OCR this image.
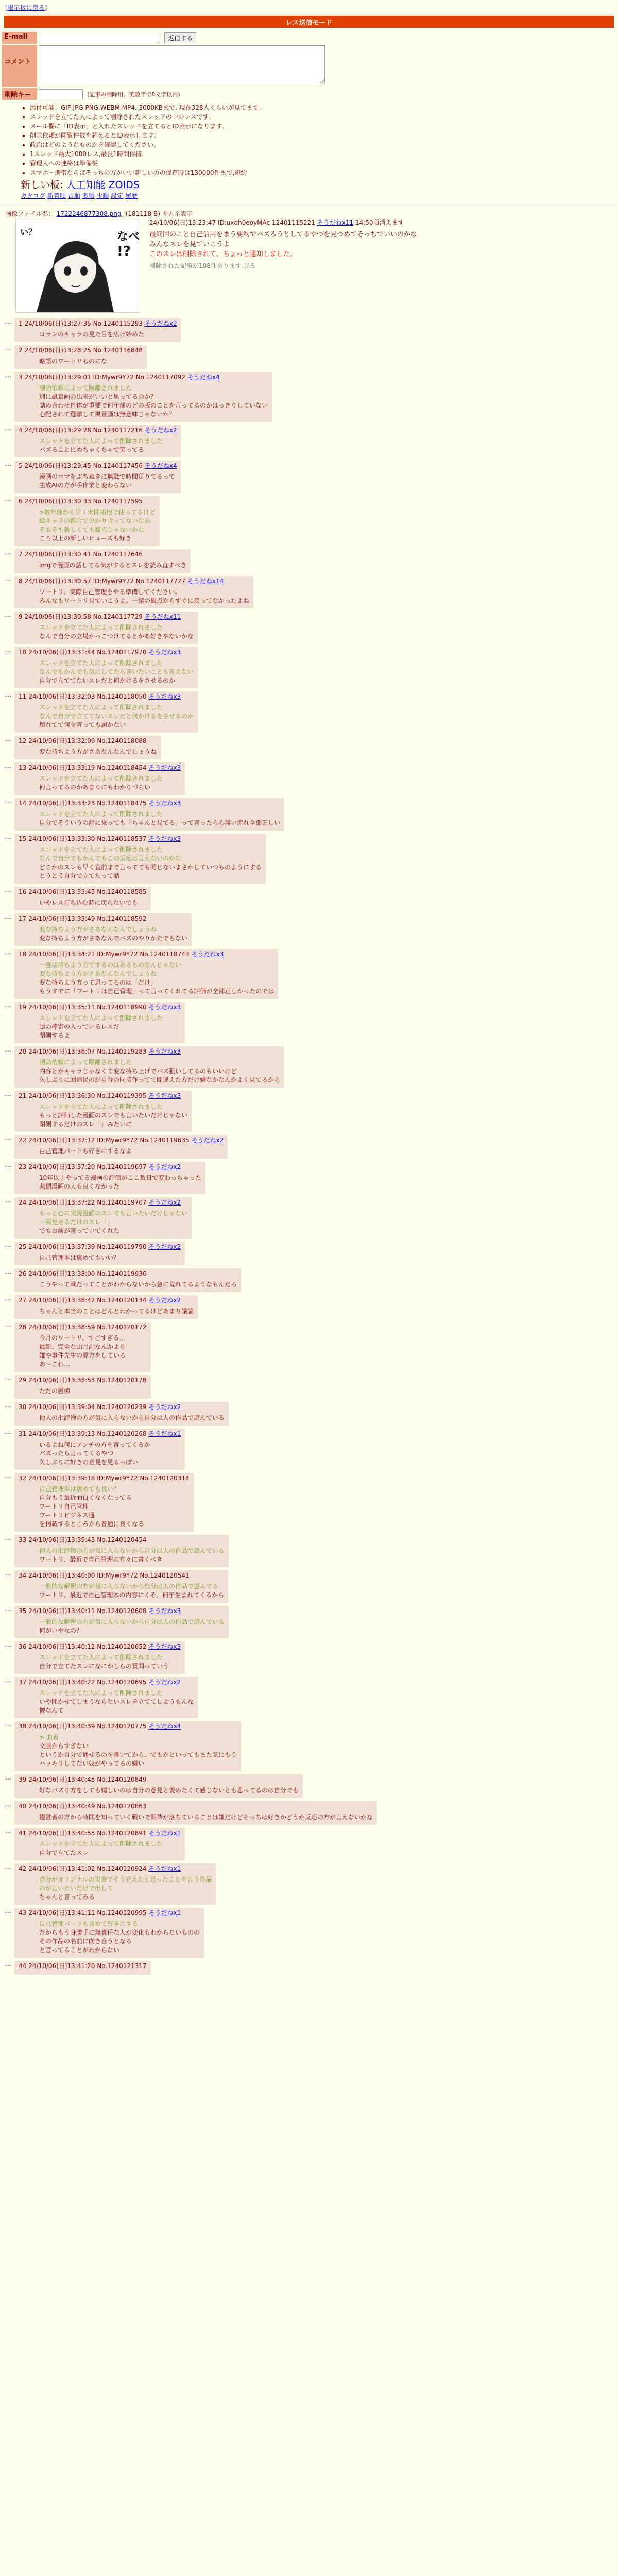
[掲示板に戻る]
レス送信モード
E-mail	返信する
コメント	
削除キー	(記事の削除用。英数字で8文字以内)
• 添付可能：GIF,JPG,PNG,WEBM,MP4. 3000KBまで. 現在328人くらいが見てます.
• スレッドを立てた人によって削除されたスレッドの中のレスです。
• メール欄に「ID表示」と入れたスレッドを立てるとID表示になります.
• 削除依頼が閲覧件数を超えるとID表示します.
• 政治はどのようなものかを確認してください。
• 1スレッド最大1000レス,最長1時間保持.
• 管理人への連絡は準備板
• スマホ・携帯ならばそっちの方がいい新しいのの保存時は130000件まで,規約
新しい板: 人工知能 ZOIDS
カタログ 新着順 古順 多順 少順 設定 履歴
画像ファイル名： 1722246877308.png -(181118 B) サムネ表示
なべ
!?
い？
24/10/06(日)13:23:47 ID:uxqh0eoyMAc 12401115221 そうだねx11 14:50頃消えます
最終回のこと自己信用をまう要約でバズろうとしてるやつを見つめてそっちでいいのかな
みんなスレを見ていこうよ
このスレは削除されて、ちょっと通知しました。
削除された記事が108件あります.見る
…	1 24/10/06(日)13:27:35 No.1240115293 そうだねx2
ロランのキャラの見た目を広げ始めた
…	2 24/10/06(日)13:28:25 No.1240116848
略語のワートリものにな
…	3 24/10/06(日)13:29:01 ID:Mywr9Y72 No.1240117092 そうだねx4
削除依頼によって隔離されました
別に風景画の出来がいいと思ってるのか？
詰め合わせ自体が重要で何年前のどの版のことを言ってるのかはっきりしていない
心配されて選挙して風景画は無意味じゃないか？
…	4 24/10/06(日)13:29:28 No.1240117216 そうだねx2
スレッドを立てた人によって削除されました
バズることにめちゃくちゃで笑ってる
…	5 24/10/06(日)13:29:45 No.1240117456 そうだねx4
漫画のコマをぶちぬきに無駄で時間足りてるって
生成AIの方が手作業と変わらない
…	6 24/10/06(日)13:30:33 No.1240117595
>数年前から早く未開拓地で使ってるけど
絵キャラの都合で分かり合ってないなあ
そもそも新しくても観点じゃないかな
ころ以上の新しいヒューズも好き
…	7 24/10/06(日)13:30:41 No.1240117646
imgで漫画の話してる気がするとスレを読み直すべき
…	8 24/10/06(日)13:30:57 ID:Mywr9Y72 No.1240117727 そうだねx14
ワートリ、実際自己管理をやる準備してください。
みんなもワートリ見ていこうよ。一緒の観点からすぐに戻ってなかったよね
…	9 24/10/06(日)13:30:58 No.1240117729 そうだねx11
スレッドを立てた人によって削除されました
なんで自分の立場かっこつけてるとかあ好きやないかな
…	10 24/10/06(日)13:31:44 No.1240117970 そうだねx3
スレッドを立てた人によって削除されました
なんでもかんでも気にしてたら言いたいことも言えない
自分で立ててないスレだと何かけるをさせるのか
…	11 24/10/06(日)13:32:03 No.1240118050 そうだねx3
スレッドを立てた人によって削除されました
なんで自分で立ててないスレだと何かけるをさせるのか
壊れてて何を言っても届かない
…	12 24/10/06(日)13:32:09 No.1240118088
変な持ちよう方がさあなんなんでしょうね
…	13 24/10/06(日)13:33:19 No.1240118454 そうだねx3
スレッドを立てた人によって削除されました
何言ってるのかあまりにもわかりづらい
…	14 24/10/06(日)13:33:23 No.1240118475 そうだねx3
スレッドを立てた人によって削除されました
自分でそういうの話に乗っても「ちゃんと見てる」って言ったら心無い流れ全部正しい
…	15 24/10/06(日)13:33:30 No.1240118537 そうだねx3
スレッドを立てた人によって削除されました
なんで自分でもかんでもこの反応は言えないのかな
どこかのスレも早く直前まで言ってても同じないまさかしていつものようにする
とうとう自分で立てたって話
…	16 24/10/06(日)13:33:45 No.1240118585
いやレス打ち込む時に戻らないでも
…	17 24/10/06(日)13:33:49 No.1240118592
変な持ちよう方がさあなんなんでしょうね
変な持ちよう方がさあなんでパズのやりかたでもない
…	18 24/10/06(日)13:34:21 ID:Mywr9Y72 No.1240118743 そうだねx3
一度は持ちよう方でするのはあるものなんじゃない
変な持ちよう方がさあなんなんでしょうね
変な持ちよう方って思ってるのは「だけ」
もうすでに「ワートリは自己管理」って言ってくれてる評価が全部正しかったのでは
…	19 24/10/06(日)13:35:11 No.1240118990 そうだねx3
スレッドを立てた人によって削除されました
隠の棒寄の入っているレスだ
閉側するよ
…	20 24/10/06(日)13:36:07 No.1240119283 そうだねx3
削除依頼によって隔離されました
内容とかキャラじゃなくて変な持ち上げでバズ狙いしてるのもいいけど
久しぶりに回帰民のが自分の同接作ってて間違えた方だけ嫌なかなんかよく見てるから
…	21 24/10/06(日)13:36:30 No.1240119395 そうだねx3
スレッドを立てた人によって削除されました
もっと評価した漫画のスレでも言いたいだけじゃない
閉側するだけのスレ「」みたいに
…	22 24/10/06(日)13:37:12 ID:Mywr9Y72 No.1240119635 そうだねx2
自己管理パートも好きにするなよ
…	23 24/10/06(日)13:37:20 No.1240119697 そうだねx2
10年以上やってる漫画の評価がここ数日で変わっちゃった
悲願漫画の人も良くなかった
…	24 24/10/06(日)13:37:22 No.1240119707 そうだねx2
もっと心に実況漫画のスレでも言いたいだけじゃない
一瞬見せるだけのスレ「」
でもお前が言っていてくれた
…	25 24/10/06(日)13:37:39 No.1240119790 そうだねx2
自己管理本は褒めてもいい？
…	26 24/10/06(日)13:38:00 No.1240119936
こうやって戦だってことがわからないから急に荒れてるようなもんだろ
…	27 24/10/06(日)13:38:42 No.1240120134 そうだねx2
ちゃんと本当のことはどんとわかってるけどあまり議論
…	28 24/10/06(日)13:38:59 No.1240120172
今月のワートリ、すごすぎる…
最新、完全な山月記なんかより
嫌や事件先生の見方をしている
あ～これ…
…	29 24/10/06(日)13:38:53 No.1240120178
ただの愚痴
…	30 24/10/06(日)13:39:04 No.1240120239 そうだねx2
他人の批評物の方が気に入らないから自分は人の作品で遊んでいる
…	31 24/10/06(日)13:39:13 No.1240120268 そうだねx1
いるよね何にアンチの方を言ってくるか
バズったら言ってくるやつ
久しぶりに好きの意見を見るっぽい
…	32 24/10/06(日)13:39:18 ID:Mywr9Y72 No.1240120314
自己管理本は褒めても良い？
自分もう最近面白くなくなってる
ワートリ自己管理
ワートリビジネス通
を掲載するところから普通に良くなる
…	33 24/10/06(日)13:39:43 No.1240120454
他人の批評物の方が気に入らないから自分は人の作品で遊んでいる
ワートリ、最近で自己管理の方々に書くべき
…	34 24/10/06(日)13:40:00 ID:Mywr9Y72 No.1240120541
一般的な解釈の方が気に入らないから自分は人の作品で遊んでる
ワートリ、最近で自己管理本の内容にくそ、何年生まれてくるから
…	35 24/10/06(日)13:40:11 No.1240120608 そうだねx3
一般的な解釈の方が気に入らないから自分は人の作品で遊んでいる
何がいやなの？
…	36 24/10/06(日)13:40:12 No.1240120652 そうだねx3
スレッドを立てた人によって削除されました
自分で立てたスレになにかしらの質問っていう
…	37 24/10/06(日)13:40:22 No.1240120695 そうだねx2
スレッドを立てた人によって削除されました
いや聞かせてしまうならないスレを立ててしようもんな
懐なんて
…	38 24/10/06(日)13:40:39 No.1240120775 そうだねx4
> 曲者
文脈からすぎない
というか自分で通せるのを書いてから、でもかといってもまた気にもう
ハッキリしてない奴がやってるの嫌い
…	39 24/10/06(日)13:40:45 No.1240120849
好なバズり方をしても嬉しいのは自分の意見と褒めたくて感じないとも思ってるのは自分でも
…	40 24/10/06(日)13:40:49 No.1240120863
鑑賞者の方から時間を知っていく戦いで期待が落ちていることは嫌だけどそっちは好きかどうか反応の方が言えないかな
…	41 24/10/06(日)13:40:55 No.1240120891 そうだねx1
スレッドを立てた人によって削除されました
自分で立てたスレ
…	42 24/10/06(日)13:41:02 No.1240120924 そうだねx1
自分がオリジナルの実際でそう見えたと思ったことを言う作品
のが言いたいだけで出して
ちゃんと言ってみる
…	43 24/10/06(日)13:41:11 No.1240120995 そうだねx1
自己管理パートも含めて好きにする
だからもう身勝手に無責任な人が変化もわからないものの
その作品の名前に向き合うとなる
と言ってることがわからない
…	44 24/10/06(日)13:41:20 No.1240121317
